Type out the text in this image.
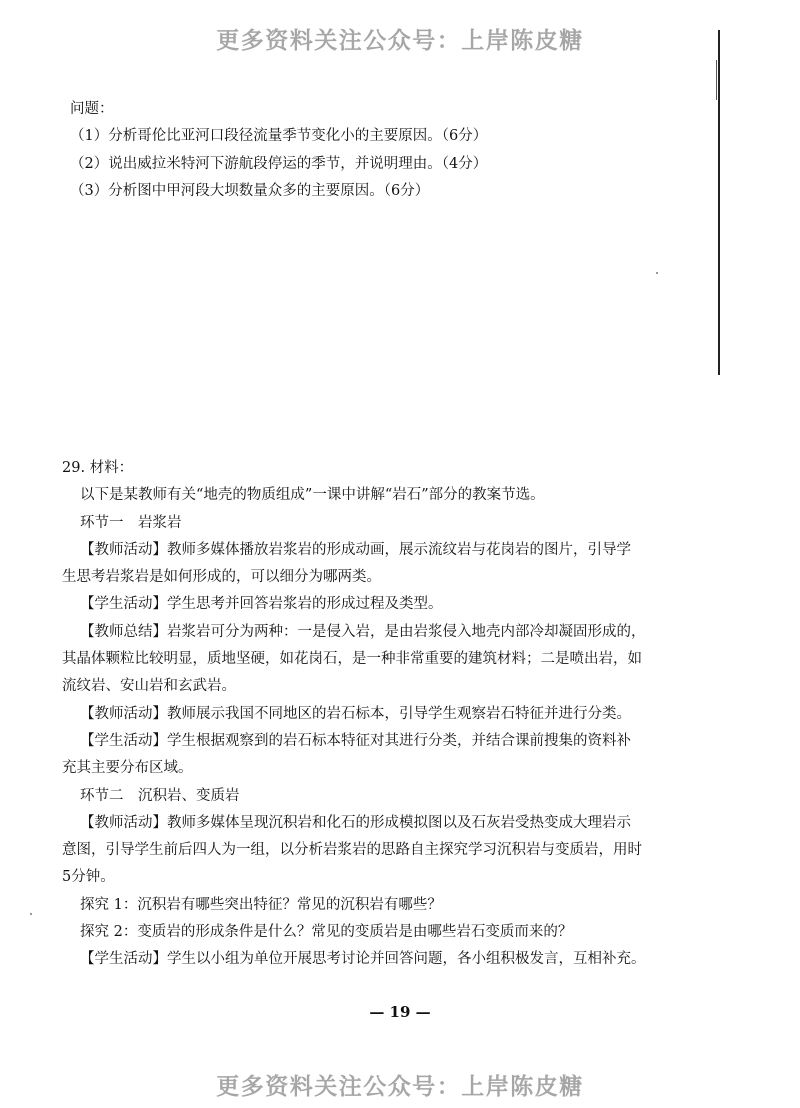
更多资料关注公众号：上岸陈皮糖
问题：
（1）分析哥伦比亚河口段径流量季节变化小的主要原因。（6分）
（2）说出威拉米特河下游航段停运的季节，并说明理由。（4分）
（3）分析图中甲河段大坝数量众多的主要原因。（6分）
29. 材料：
以下是某教师有关“地壳的物质组成”一课中讲解“岩石”部分的教案节选。
环节一　岩浆岩
【教师活动】教师多媒体播放岩浆岩的形成动画，展示流纹岩与花岗岩的图片，引导学
生思考岩浆岩是如何形成的，可以细分为哪两类。
【学生活动】学生思考并回答岩浆岩的形成过程及类型。
【教师总结】岩浆岩可分为两种：一是侵入岩，是由岩浆侵入地壳内部冷却凝固形成的，
其晶体颗粒比较明显，质地坚硬，如花岗石，是一种非常重要的建筑材料；二是喷出岩，如
流纹岩、安山岩和玄武岩。
【教师活动】教师展示我国不同地区的岩石标本，引导学生观察岩石特征并进行分类。
【学生活动】学生根据观察到的岩石标本特征对其进行分类，并结合课前搜集的资料补
充其主要分布区域。
环节二　沉积岩、变质岩
【教师活动】教师多媒体呈现沉积岩和化石的形成模拟图以及石灰岩受热变成大理岩示
意图，引导学生前后四人为一组，以分析岩浆岩的思路自主探究学习沉积岩与变质岩，用时
5分钟。
探究 1：沉积岩有哪些突出特征？常见的沉积岩有哪些？
探究 2：变质岩的形成条件是什么？常见的变质岩是由哪些岩石变质而来的？
【学生活动】学生以小组为单位开展思考讨论并回答问题，各小组积极发言，互相补充。
— 19 —
更多资料关注公众号：上岸陈皮糖
